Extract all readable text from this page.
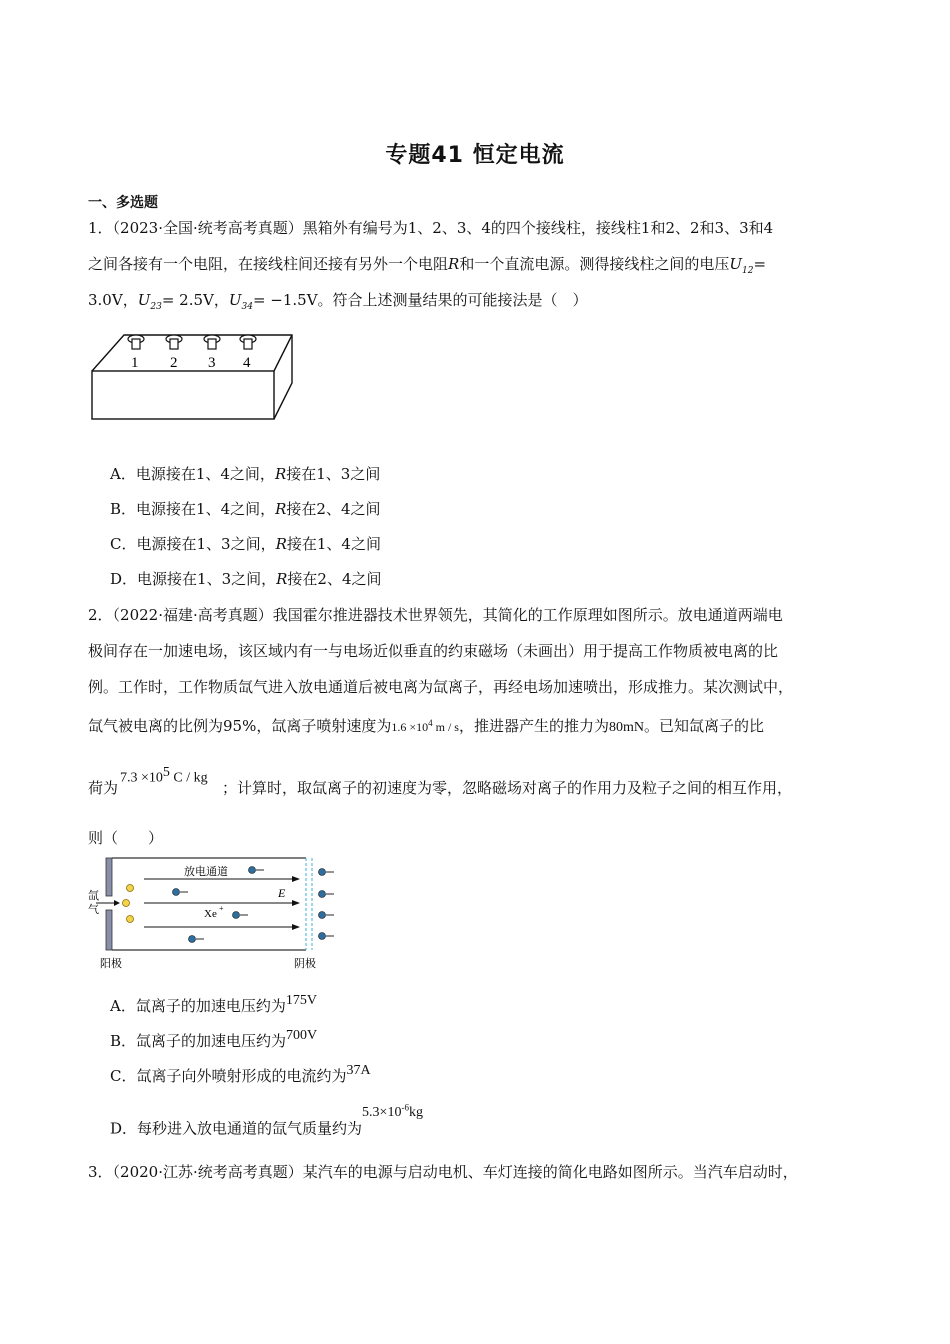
专题41 恒定电流
一、多选题
1．（2023·全国·统考高考真题）黑箱外有编号为1、2、3、4的四个接线柱，接线柱1和2、2和3、3和4
之间各接有一个电阻，在接线柱间还接有另外一个电阻R和一个直流电源。测得接线柱之间的电压$U_{12}=$
3.0V，$U_{23}= 2.5V$，$U_{34}= -1.5V$。符合上述测量结果的可能接法是（　）
1 2 3 4
A．电源接在1、4之间，R接在1、3之间
B．电源接在1、4之间，R接在2、4之间
C．电源接在1、3之间，R接在1、4之间
D．电源接在1、3之间，R接在2、4之间
2．（2022·福建·高考真题）我国霍尔推进器技术世界领先，其简化的工作原理如图所示。放电通道两端电
极间存在一加速电场，该区域内有一与电场近似垂直的约束磁场（未画出）用于提高工作物质被电离的比
例。工作时，工作物质氙气进入放电通道后被电离为氙离子，再经电场加速喷出，形成推力。某次测试中，
氙气被电离的比例为95%，氙离子喷射速度为$1.6 \times 10^4$ m / s，推进器产生的推力为80mN。已知氙离子的比
$7.3 \times 10^5$ C / kg
荷为	；计算时，取氙离子的初速度为零，忽略磁场对离子的作用力及粒子之间的相互作用，
则（　　）
氙
气
放电通道
E
Xe +
阳极	阴极
A．氙离子的加速电压约为175V
B．氙离子的加速电压约为700V
C．氙离子向外喷射形成的电流约为37A
D．每秒进入放电通道的氙气质量约为$5.3\times 10^{-6}kg$
3．（2020·江苏·统考高考真题）某汽车的电源与启动电机、车灯连接的简化电路如图所示。当汽车启动时，
